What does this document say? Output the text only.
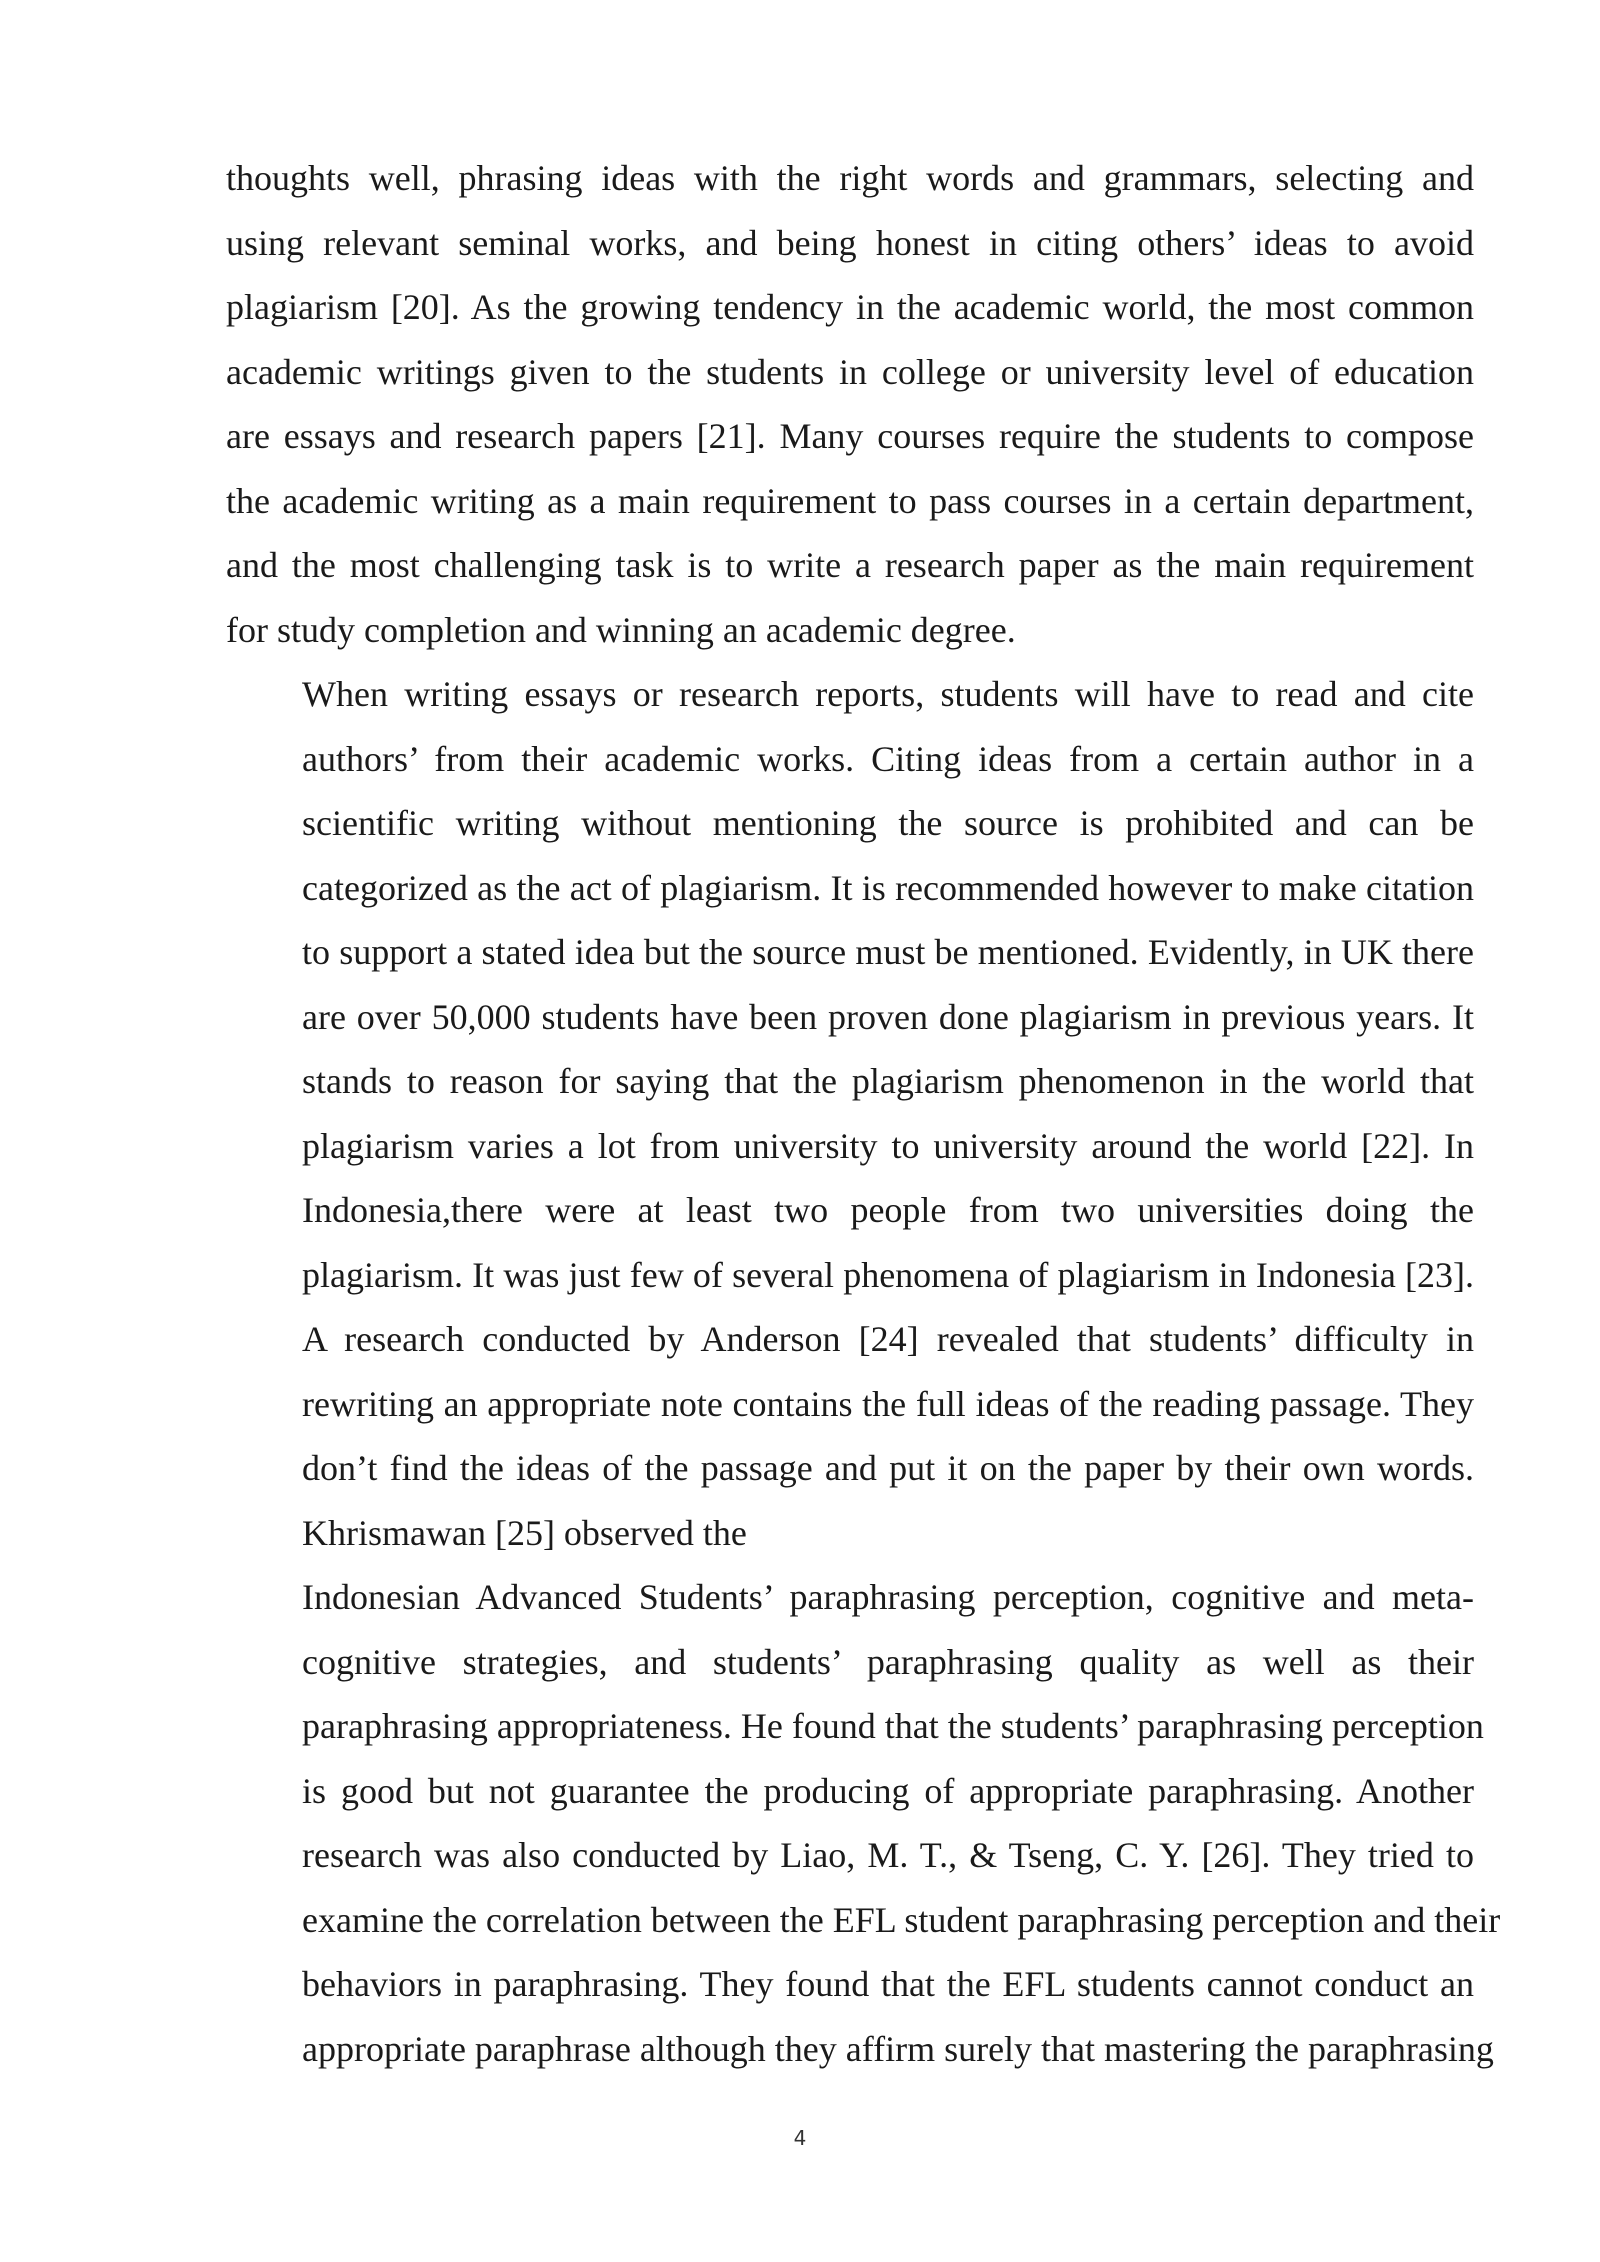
thoughts well, phrasing ideas with the right words and grammars, selecting and
using relevant seminal works, and being honest in citing others’ ideas to avoid
plagiarism [20]. As the growing tendency in the academic world, the most common
academic writings given to the students in college or university level of education
are essays and research papers [21]. Many courses require the students to compose
the academic writing as a main requirement to pass courses in a certain department,
and the most challenging task is to write a research paper as the main requirement
for study completion and winning an academic degree.

When writing essays or research reports, students will have to read and cite
authors’ from their academic works. Citing ideas from a certain author in a
scientific writing without mentioning the source is prohibited and can be
categorized as the act of plagiarism. It is recommended however to make citation
to support a stated idea but the source must be mentioned. Evidently, in UK there
are over 50,000 students have been proven done plagiarism in previous years. It
stands to reason for saying that the plagiarism phenomenon in the world that
plagiarism varies a lot from university to university around the world [22]. In
Indonesia,there were at least two people from two universities doing the
plagiarism. It was just few of several phenomena of plagiarism in Indonesia [23].
A research conducted by Anderson [24] revealed that students’ difficulty in
rewriting an appropriate note contains the full ideas of the reading passage. They
don’t find the ideas of the passage and put it on the paper by their own words.
Khrismawan [25] observed the

Indonesian Advanced Students’ paraphrasing perception, cognitive and meta-
cognitive strategies, and students’ paraphrasing quality as well as their
paraphrasing appropriateness. He found that the students’ paraphrasing perception
is good but not guarantee the producing of appropriate paraphrasing. Another
research was also conducted by Liao, M. T., & Tseng, C. Y. [26]. They tried to
examine the correlation between the EFL student paraphrasing perception and their
behaviors in paraphrasing. They found that the EFL students cannot conduct an
appropriate paraphrase although they affirm surely that mastering the paraphrasing

4
